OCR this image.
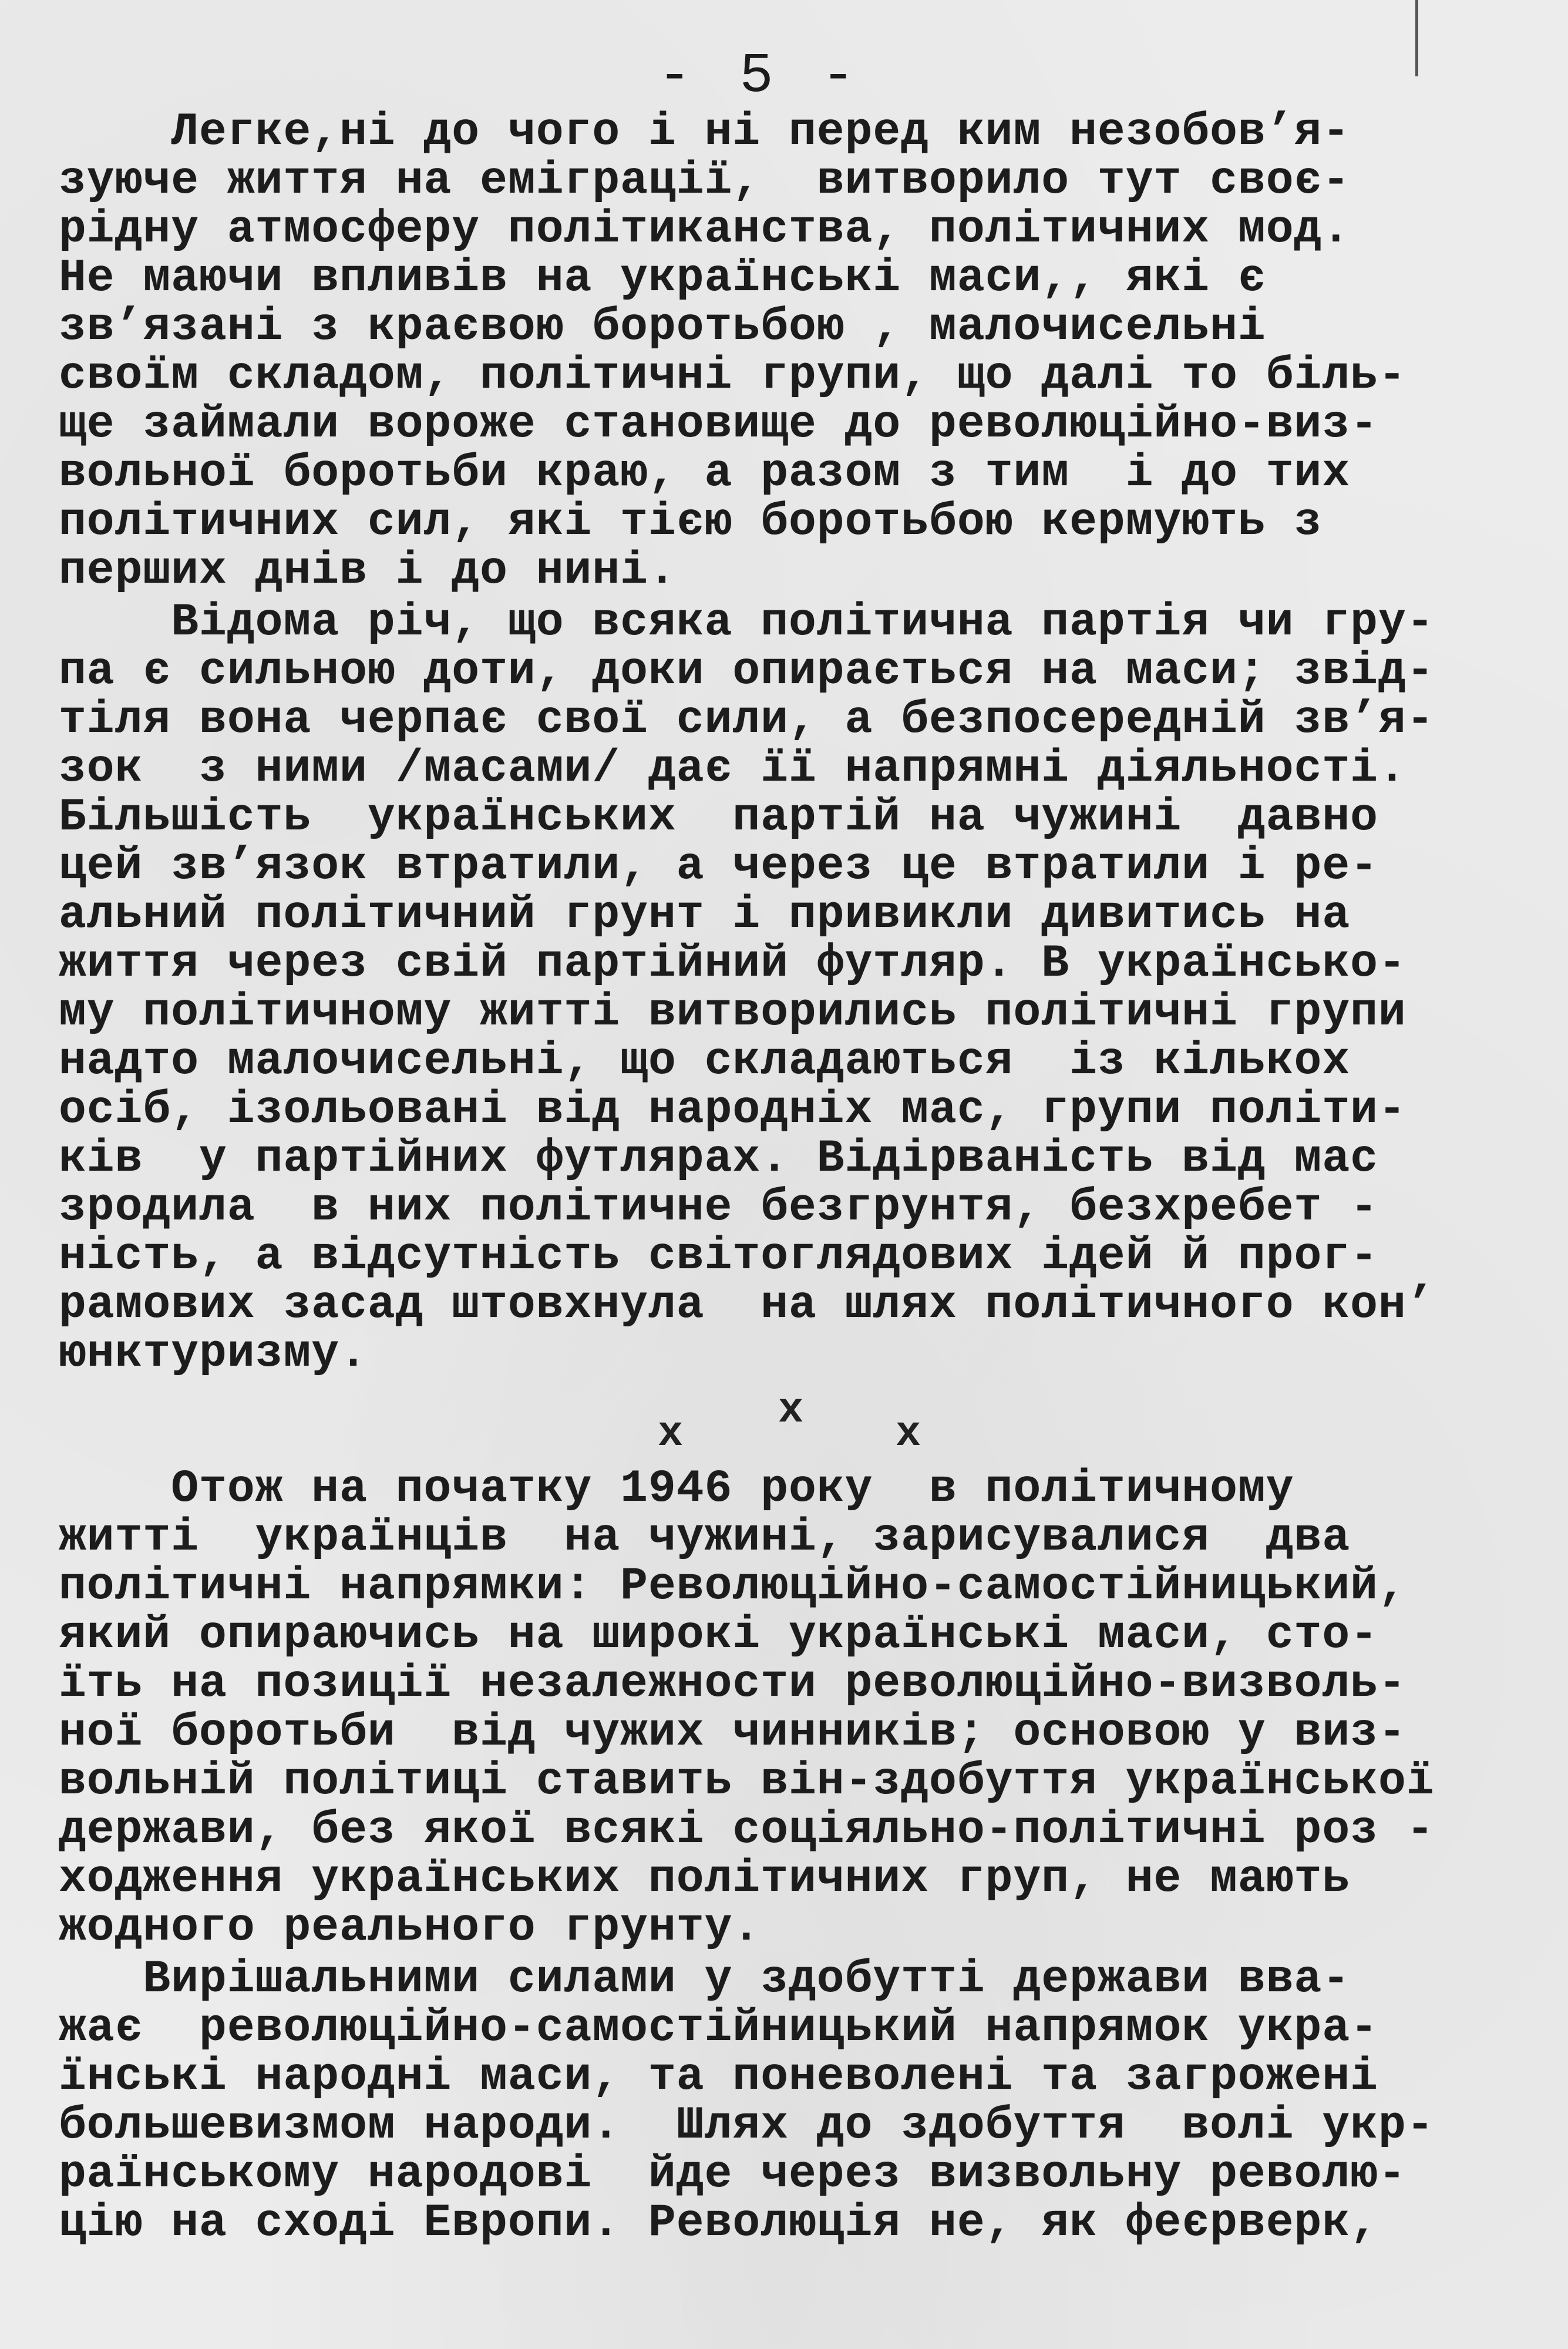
- 5 -
Легке,ні до чого і ні перед ким незобов’я-
зуюче життя на еміграції,  витворило тут своє-
рідну атмосферу політиканства, політичних мод.
Не маючи впливів на українські маси,, які є
зв’язані з краєвою боротьбою , малочисельні
своїм складом, політичні групи, що далі то біль-
ще займали вороже становище до революційно-виз-
вольної боротьби краю, а разом з тим  і до тих
політичних сил, які тією боротьбою кермують з
перших днів і до нині.
Відома річ, що всяка політична партія чи гру-
па є сильною доти, доки опирається на маси; звід-
тіля вона черпає свої сили, а безпосередній зв’я-
зок  з ними /масами/ дає її напрямні діяльності.
Більшість  українських  партій на чужині  давно
цей зв’язок втратили, а через це втратили і ре-
альний політичний грунт і привикли дивитись на
життя через свій партійний футляр. В українсько-
му політичному житті витворились політичні групи
надто малочисельні, що складаються  із кількох
осіб, ізольовані від народніх мас, групи політи-
ків  у партійних футлярах. Відірваність від мас
зродила  в них політичне безгрунтя, безхребет -
ність, а відсутність світоглядових ідей й прог-
рамових засад штовхнула  на шлях політичного кон’
юнктуризму.
x x x
Отож на початку 1946 року  в політичному
житті  українців  на чужині, зарисувалися  два
політичні напрямки: Революційно-самостійницький,
який опираючись на широкі українські маси, сто-
їть на позиції незалежности революційно-визволь-
ної боротьби  від чужих чинників; основою у виз-
вольній політиці ставить він-здобуття української
держави, без якої всякі соціяльно-політичні роз -
ходження українських політичних груп, не мають
жодного реального грунту.
Вирішальними силами у здобутті держави вва-
жає  революційно-самостійницький напрямок укра-
їнські народні маси, та поневолені та загрожені
большевизмом народи.  Шлях до здобуття  волі укр-
раїнському народові  йде через визвольну револю-
цію на сході Европи. Революція не, як феєрверк,
